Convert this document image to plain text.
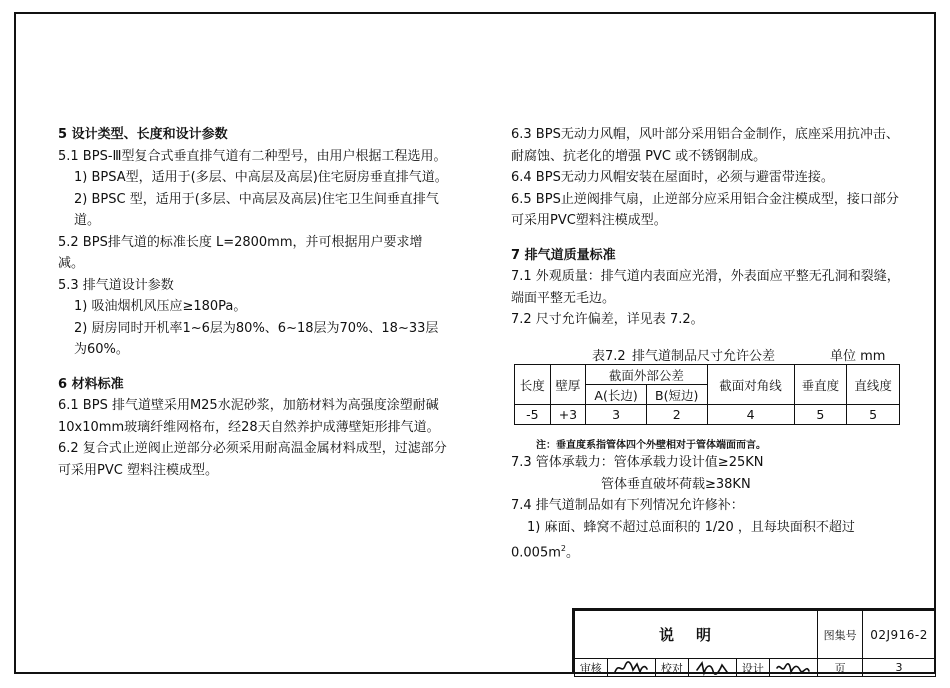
5 设计类型、长度和设计参数

5.1 BPS-Ⅲ型复合式垂直排气道有二种型号，由用户根据工程选用。

1) BPSA型，适用于(多层、中高层及高层)住宅厨房垂直排气道。

2) BPSC 型，适用于(多层、中高层及高层)住宅卫生间垂直排气道。

5.2 BPS排气道的标准长度 L=2800mm，并可根据用户要求增减。

5.3 排气道设计参数

1) 吸油烟机风压应≥180Pa。

2) 厨房同时开机率1~6层为80%、6~18层为70%、18~33层为60%。

6 材料标准

6.1 BPS 排气道壁采用M25水泥砂浆，加筋材料为高强度涂塑耐碱 10x10mm玻璃纤维网格布，经28天自然养护成薄壁矩形排气道。

6.2 复合式止逆阀止逆部分必须采用耐高温金属材料成型，过滤部分可采用PVC 塑料注模成型。

6.3 BPS无动力风帽，风叶部分采用铝合金制作，底座采用抗冲击、耐腐蚀、抗老化的增强 PVC 或不锈钢制成。

6.4 BPS无动力风帽安装在屋面时，必须与避雷带连接。

6.5 BPS止逆阀排气扇，止逆部分应采用铝合金注模成型，接口部分可采用PVC塑料注模成型。

7 排气道质量标准

7.1 外观质量：排气道内表面应光滑，外表面应平整无孔洞和裂缝，端面平整无毛边。

7.2 尺寸允许偏差，详见表 7.2。

表7.2 排气道制品尺寸允许公差	单位 mm
长度	壁厚	截面外部公差		截面对角线	垂直度	直线度
		A(长边)	B(短边)			
-5	+3	3	2	4	5	5
注：垂直度系指管体四个外壁相对于管体端面而言。

7.3 管体承载力：管体承载力设计值≥25KN

管体垂直破坏荷载≥38KN

7.4 排气道制品如有下列情况允许修补：

1) 麻面、蜂窝不超过总面积的 1/20 ，且每块面积不超过

$0.005m^2$。

说明						图集号	02J916-2
审核		校对		设计		页	3
